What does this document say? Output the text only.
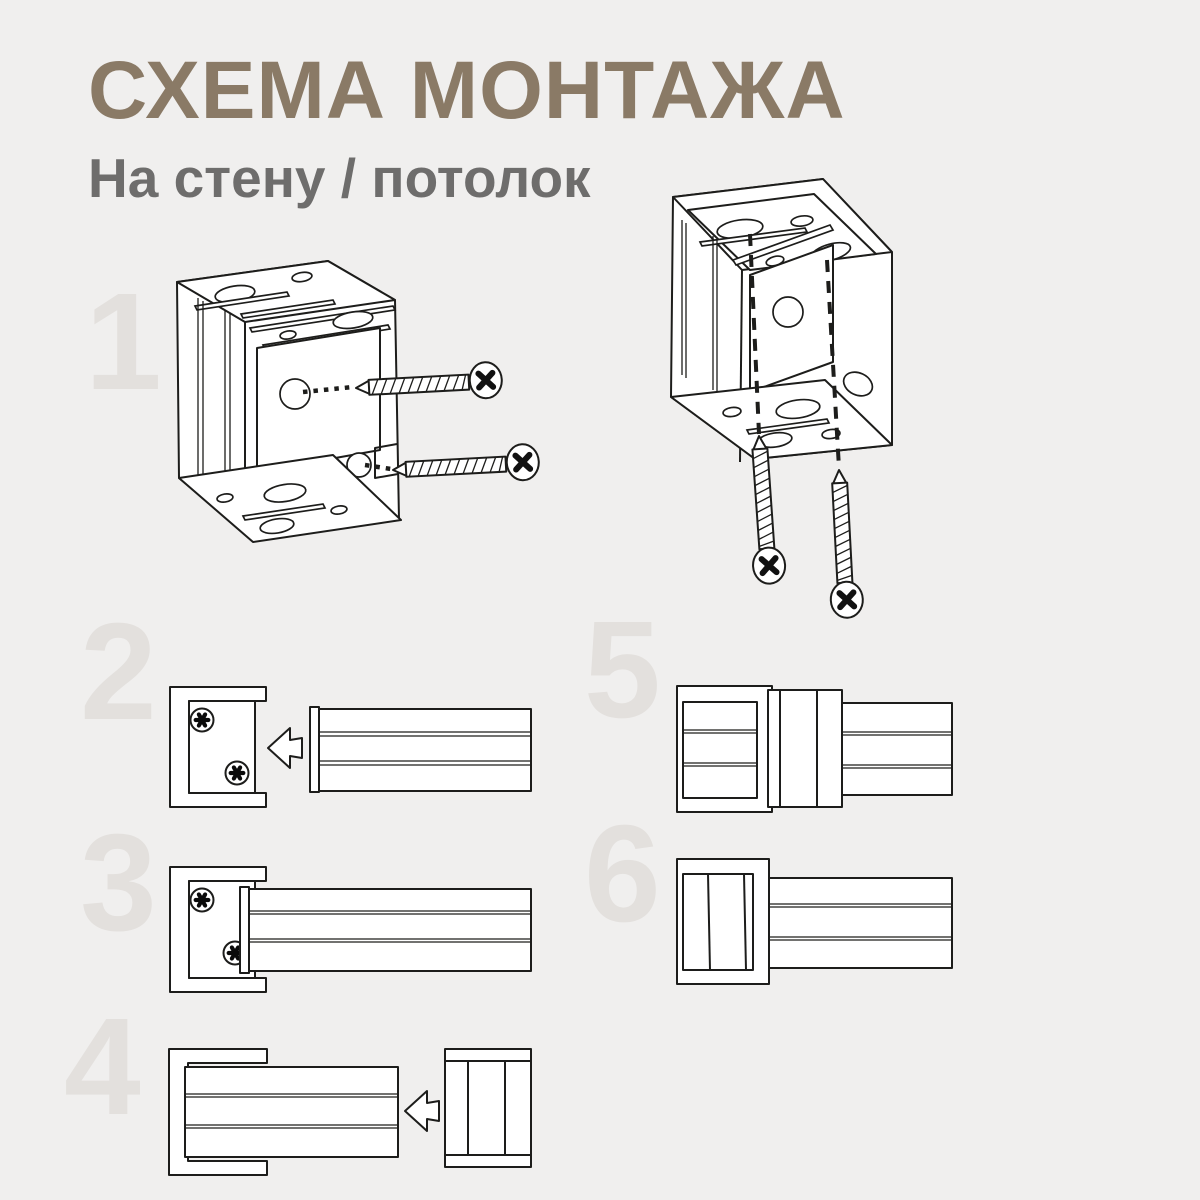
СХЕМА МОНТАЖА
На стену / потолок
1
2
3
4
5
6
